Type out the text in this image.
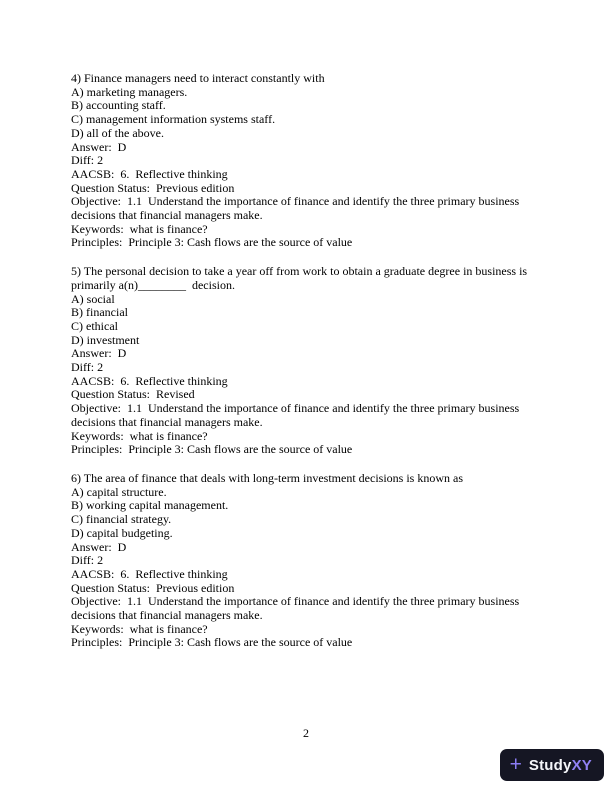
4) Finance managers need to interact constantly with
A) marketing managers.
B) accounting staff.
C) management information systems staff.
D) all of the above.
Answer:  D
Diff: 2
AACSB:  6.  Reflective thinking
Question Status:  Previous edition
Objective:  1.1  Understand the importance of finance and identify the three primary business
decisions that financial managers make.
Keywords:  what is finance?
Principles:  Principle 3: Cash flows are the source of value
5) The personal decision to take a year off from work to obtain a graduate degree in business is
primarily a(n)________  decision.
A) social
B) financial
C) ethical
D) investment
Answer:  D
Diff: 2
AACSB:  6.  Reflective thinking
Question Status:  Revised
Objective:  1.1  Understand the importance of finance and identify the three primary business
decisions that financial managers make.
Keywords:  what is finance?
Principles:  Principle 3: Cash flows are the source of value
6) The area of finance that deals with long-term investment decisions is known as
A) capital structure.
B) working capital management.
C) financial strategy.
D) capital budgeting.
Answer:  D
Diff: 2
AACSB:  6.  Reflective thinking
Question Status:  Previous edition
Objective:  1.1  Understand the importance of finance and identify the three primary business
decisions that financial managers make.
Keywords:  what is finance?
Principles:  Principle 3: Cash flows are the source of value
2
+ StudyXY
